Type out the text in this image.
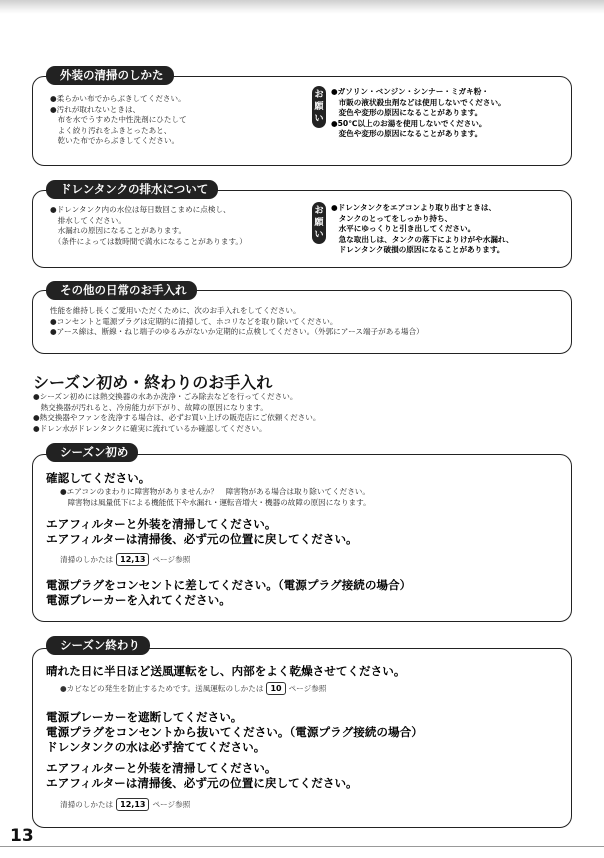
外装の清掃のしかた
●柔らかい布でからぶきしてください。
●汚れが取れないときは、
　布を水でうすめた中性洗剤にひたして
　よく絞り汚れをふきとったあと、
　乾いた布でからぶきしてください。
お
願
い
●ガソリン・ベンジン・シンナー・ミガキ粉・
　市販の液状殺虫剤などは使用しないでください。
　変色や変形の原因になることがあります。
●50℃以上のお湯を使用しないでください。
　変色や変形の原因になることがあります。
ドレンタンクの排水について
●ドレンタンク内の水位は毎日数回こまめに点検し、
　排水してください。
　水漏れの原因になることがあります。
　（条件によっては数時間で満水になることがあります。）
お
願
い
●ドレンタンクをエアコンより取り出すときは、
　タンクのとってをしっかり持ち、
　水平にゆっくりと引き出してください。
　急な取出しは、タンクの落下によりけがや水漏れ、
　ドレンタンク破損の原因になることがあります。
その他の日常のお手入れ
性能を維持し長くご愛用いただくために、次のお手入れをしてください。
●コンセントと電源プラグは定期的に清掃して、ホコリなどを取り除いてください。
●アース線は、断線・ねじ端子のゆるみがないか定期的に点検してください。（外郭にアース端子がある場合）
シーズン初め・終わりのお手入れ
●シーズン初めには熱交換器の水あか洗浄・ごみ除去などを行ってください。
　熱交換器が汚れると、冷房能力が下がり、故障の原因になります。
●熱交換器やファンを洗浄する場合は、必ずお買い上げの販売店にご依頼ください。
●ドレン水がドレンタンクに確実に流れているか確認してください。
シーズン初め
確認してください。
●エアコンのまわりに障害物がありませんか？　障害物がある場合は取り除いてください。
　障害物は風量低下による機能低下や水漏れ・運転音増大・機器の故障の原因になります。
エアフィルターと外装を清掃してください。
エアフィルターは清掃後、必ず元の位置に戻してください。
清掃のしかたは 12,13 ページ参照
電源プラグをコンセントに差してください。（電源プラグ接続の場合）
電源ブレーカーを入れてください。
シーズン終わり
晴れた日に半日ほど送風運転をし、内部をよく乾燥させてください。
●カビなどの発生を防止するためです。送風運転のしかたは 10 ページ参照
電源ブレーカーを遮断してください。
電源プラグをコンセントから抜いてください。（電源プラグ接続の場合）
ドレンタンクの水は必ず捨ててください。
エアフィルターと外装を清掃してください。
エアフィルターは清掃後、必ず元の位置に戻してください。
清掃のしかたは 12,13 ページ参照
13
